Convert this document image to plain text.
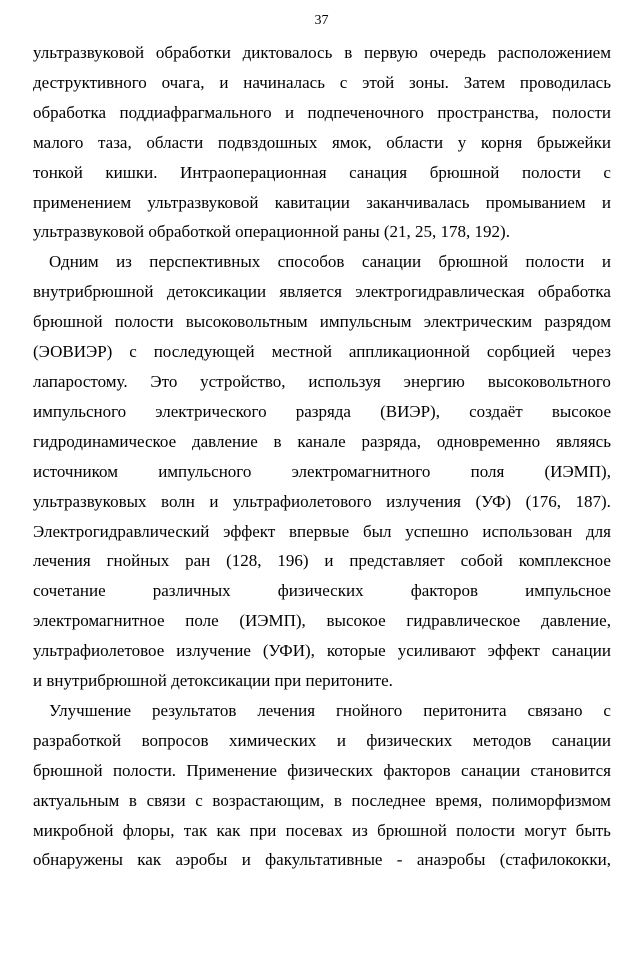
37
ультразвуковой обработки диктовалось в первую очередь расположением
деструктивного очага, и начиналась с этой зоны. Затем проводилась
обработка поддиафрагмального и подпеченочного пространства, полости
малого таза, области подвздошных ямок, области у корня брыжейки
тонкой кишки. Интраоперационная санация брюшной полости с
применением ультразвуковой кавитации заканчивалась промыванием и
ультразвуковой обработкой операционной раны (21, 25, 178, 192).
Одним из перспективных способов санации брюшной полости и
внутрибрюшной детоксикации является электрогидравлическая обработка
брюшной полости высоковольтным импульсным электрическим разрядом
(ЭОВИЭР) с последующей местной аппликационной сорбцией через
лапаростому. Это устройство, используя энергию высоковольтного
импульсного электрического разряда (ВИЭР), создаёт высокое
гидродинамическое давление в канале разряда, одновременно являясь
источником импульсного электромагнитного поля (ИЭМП),
ультразвуковых волн и ультрафиолетового излучения (УФ) (176, 187).
Электрогидравлический эффект впервые был успешно использован для
лечения гнойных ран (128, 196) и представляет собой комплексное
сочетание	различных	физических	факторов	импульсное
электромагнитное поле (ИЭМП), высокое гидравлическое давление,
ультрафиолетовое излучение (УФИ), которые усиливают эффект санации
и внутрибрюшной детоксикации при перитоните.
Улучшение результатов лечения гнойного перитонита связано с
разработкой вопросов химических и физических методов санации
брюшной полости. Применение физических факторов санации становится
актуальным в связи с возрастающим, в последнее время, полиморфизмом
микробной флоры, так как при посевах из брюшной полости могут быть
обнаружены как аэробы и факультативные - анаэробы (стафилококки,
